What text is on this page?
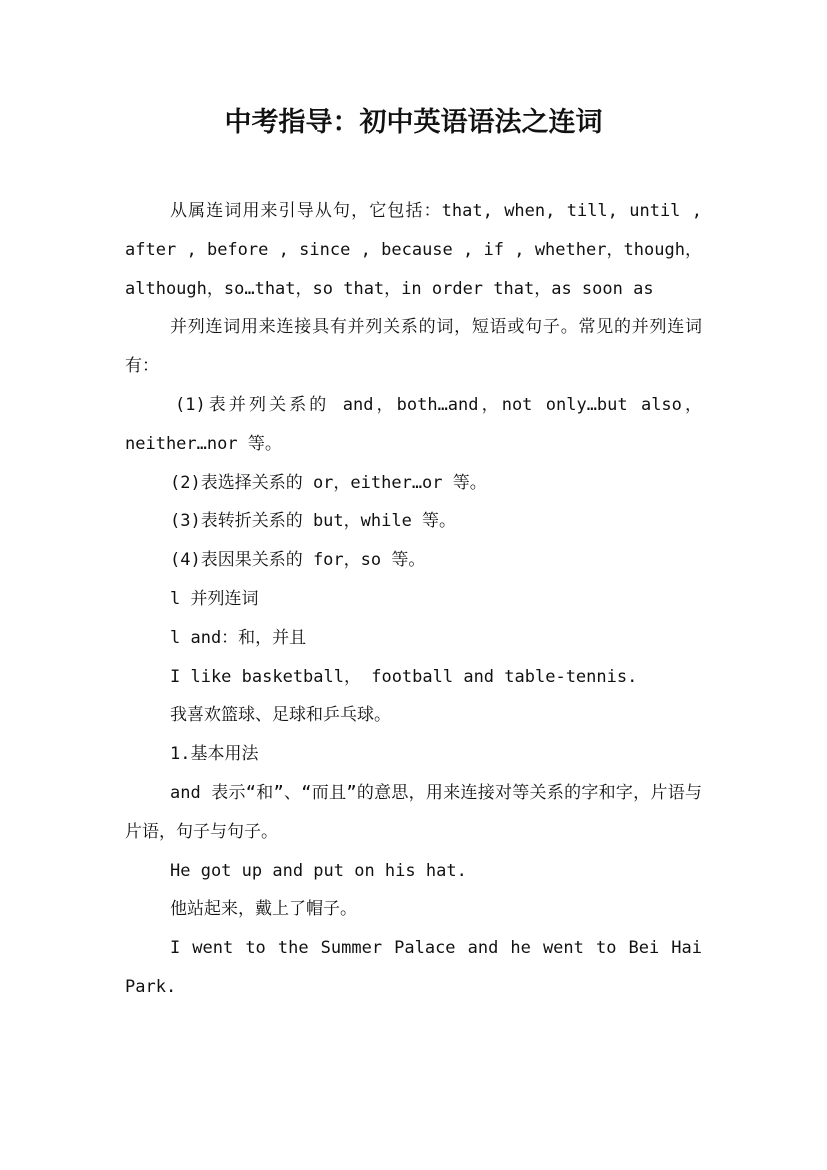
中考指导：初中英语语法之连词

从属连词用来引导从句，它包括：that, when, till, until , after , before , since , because , if , whether，though，although，so…that，so that，in order that，as soon as

并列连词用来连接具有并列关系的词，短语或句子。常见的并列连词有：

(1)表并列关系的 and，both…and，not only…but also，neither…nor 等。

(2)表选择关系的 or，either…or 等。

(3)表转折关系的 but，while 等。

(4)表因果关系的 for，so 等。

l 并列连词

l and：和，并且

I like basketball， football and table-tennis.

我喜欢篮球、足球和乒乓球。

1.基本用法

and 表示“和”、“而且”的意思，用来连接对等关系的字和字，片语与片语，句子与句子。

He got up and put on his hat.

他站起来，戴上了帽子。

I went to the Summer Palace and he went to Bei Hai Park.
